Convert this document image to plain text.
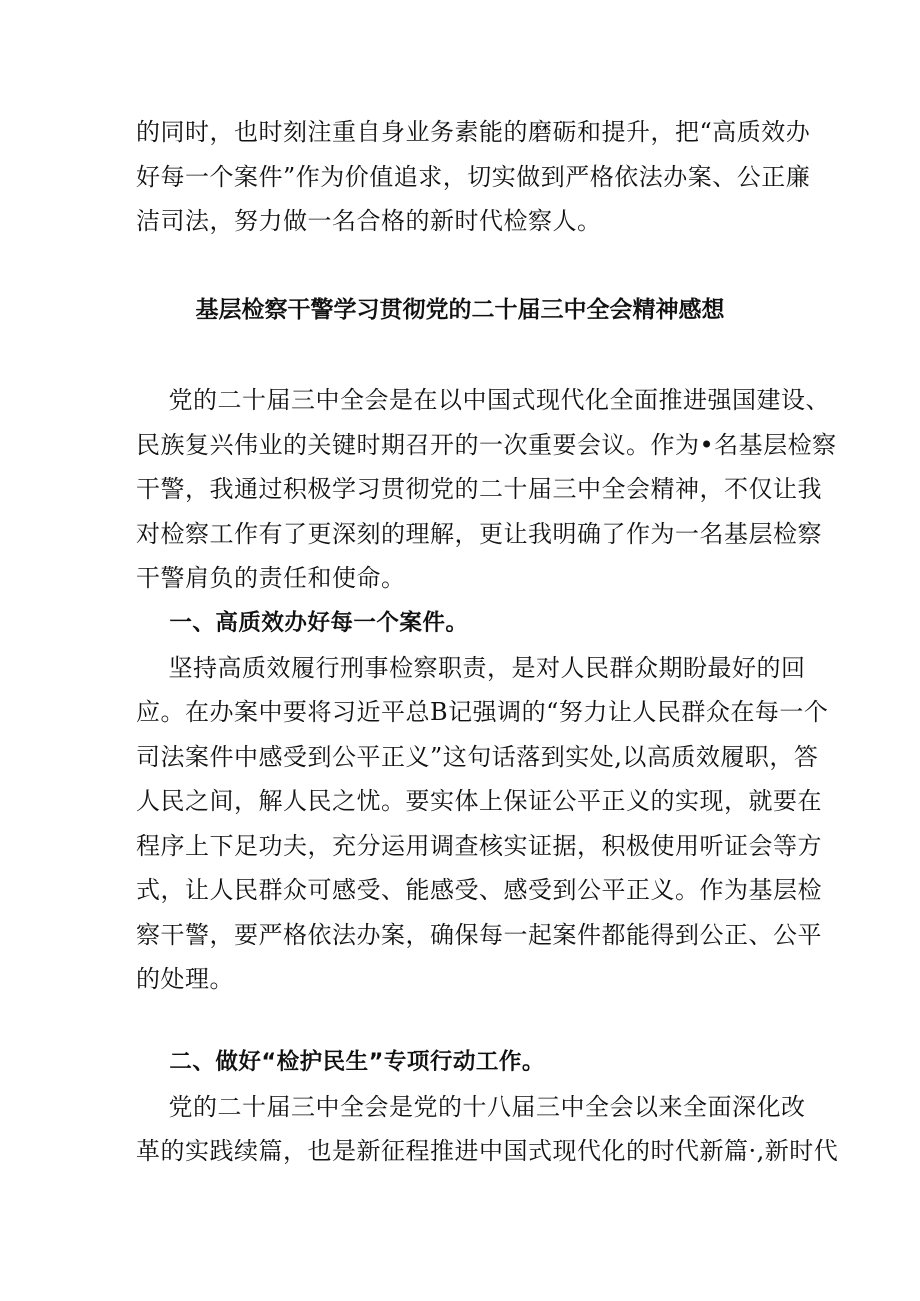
的同时，也时刻注重自身业务素能的磨砺和提升，把“高质效办
好每一个案件”作为价值追求，切实做到严格依法办案、公正廉
洁司法，努力做一名合格的新时代检察人。
基层检察干警学习贯彻党的二十届三中全会精神感想
党的二十届三中全会是在以中国式现代化全面推进强国建设、
民族复兴伟业的关键时期召开的一次重要会议。作为•名基层检察
干警，我通过积极学习贯彻党的二十届三中全会精神，不仅让我
对检察工作有了更深刻的理解，更让我明确了作为一名基层检察
干警肩负的责任和使命。
一、高质效办好每一个案件。
坚持高质效履行刑事检察职责，是对人民群众期盼最好的回
应。在办案中要将习近平总B记强调的“努力让人民群众在每一个
司法案件中感受到公平正义”这句话落到实处,以高质效履职，答
人民之间，解人民之忧。要实体上保证公平正义的实现，就要在
程序上下足功夫，充分运用调查核实证据，积极使用听证会等方
式，让人民群众可感受、能感受、感受到公平正义。作为基层检
察干警，要严格依法办案，确保每一起案件都能得到公正、公平
的处理。
二、做好“检护民生”专项行动工作。
党的二十届三中全会是党的十八届三中全会以来全面深化改
革的实践续篇，也是新征程推进中国式现代化的时代新篇·,新时代
